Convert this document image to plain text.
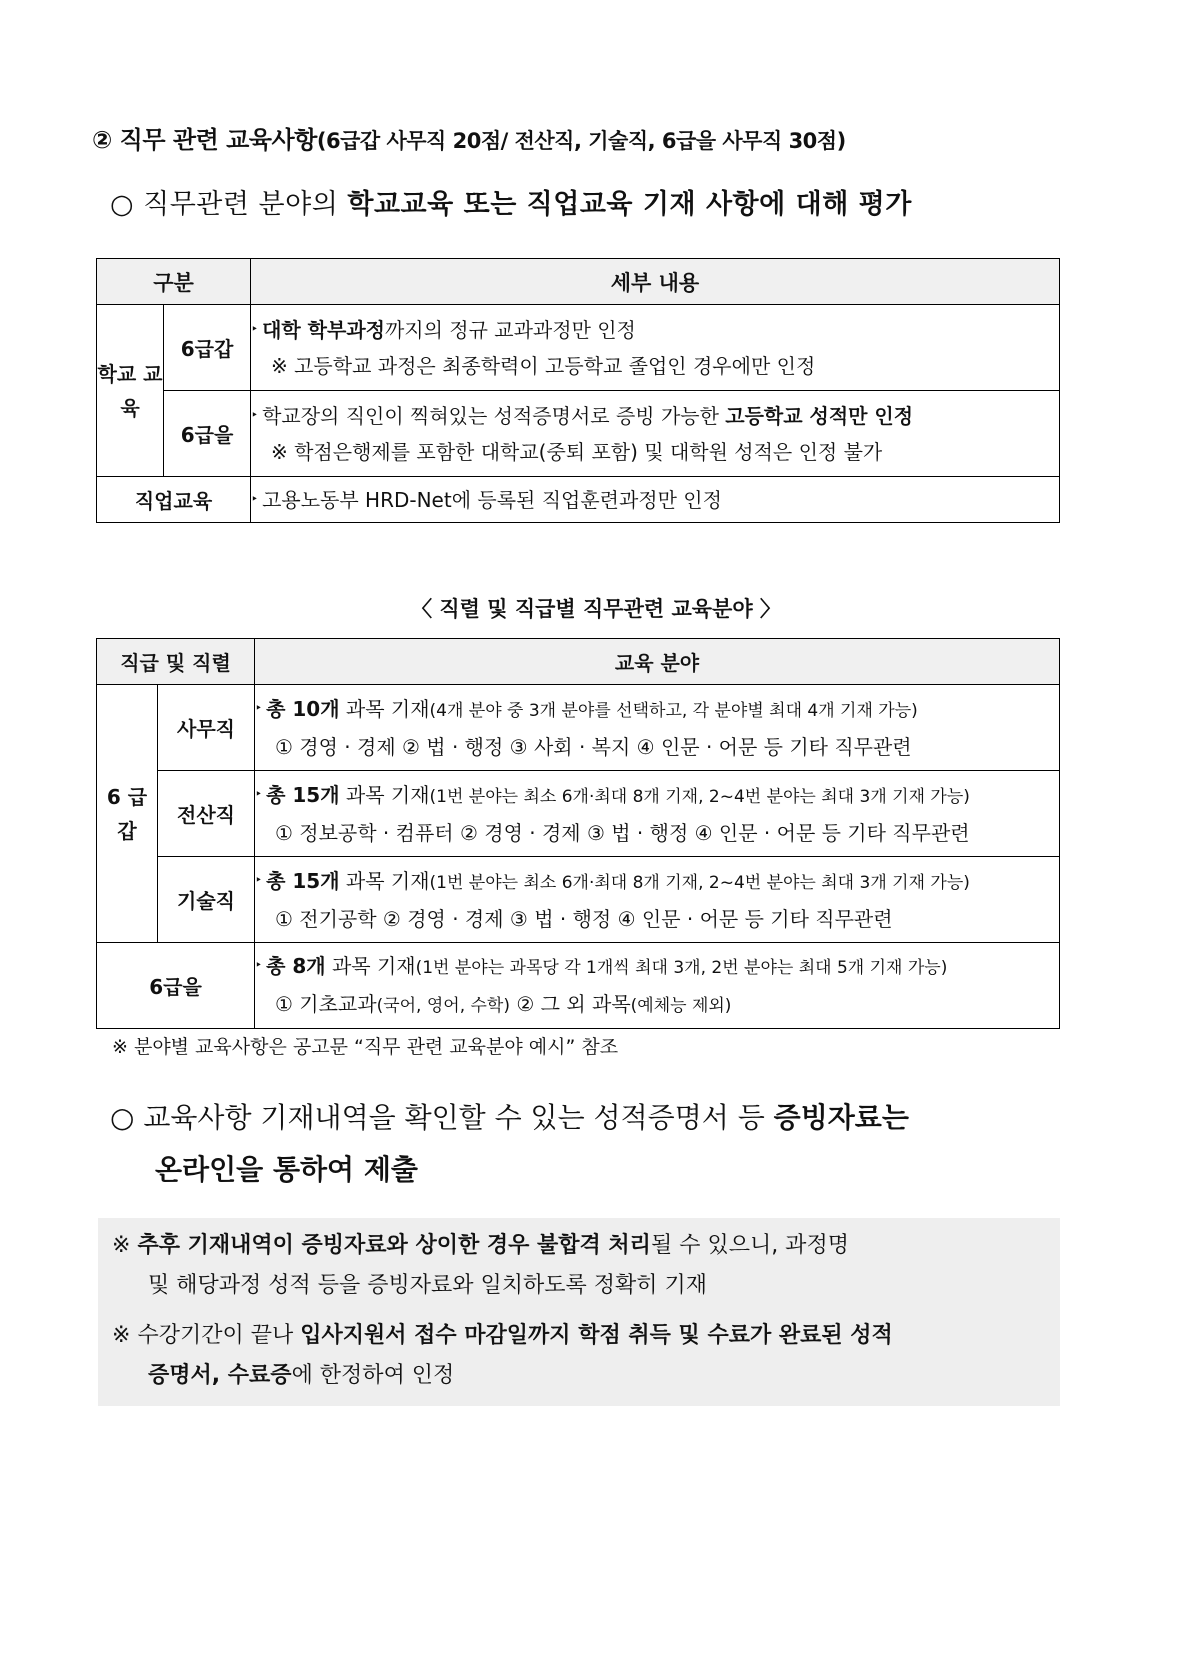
② 직무 관련 교육사항(6급갑 사무직 20점/ 전산직, 기술직, 6급을 사무직 30점)
○ 직무관련 분야의 학교교육 또는 직업교육 기재 사항에 대해 평가
구분		세부 내용
학교 교육	6급갑	‣ 대학 학부과정까지의 정규 교과과정만 인정
※ 고등학교 과정은 최종학력이 고등학교 졸업인 경우에만 인정

	6급을	‣ 학교장의 직인이 찍혀있는 성적증명서로 증빙 가능한 고등학교 성적만 인정
※ 학점은행제를 포함한 대학교(중퇴 포함) 및 대학원 성적은 인정 불가

직업교육		‣ 고용노동부 HRD-Net에 등록된 직업훈련과정만 인정
〈 직렬 및 직급별 직무관련 교육분야 〉
직급 및 직렬		교육 분야
6 급 갑	사무직	‣ 총 10개 과목 기재(4개 분야 중 3개 분야를 선택하고, 각 분야별 최대 4개 기재 가능)
① 경영 · 경제 ② 법 · 행정 ③ 사회 · 복지 ④ 인문 · 어문 등 기타 직무관련

	전산직	‣ 총 15개 과목 기재(1번 분야는 최소 6개·최대 8개 기재, 2~4번 분야는 최대 3개 기재 가능)
① 정보공학 · 컴퓨터 ② 경영 · 경제 ③ 법 · 행정 ④ 인문 · 어문 등 기타 직무관련

	기술직	‣ 총 15개 과목 기재(1번 분야는 최소 6개·최대 8개 기재, 2~4번 분야는 최대 3개 기재 가능)
① 전기공학 ② 경영 · 경제 ③ 법 · 행정 ④ 인문 · 어문 등 기타 직무관련

6급을		‣ 총 8개 과목 기재(1번 분야는 과목당 각 1개씩 최대 3개, 2번 분야는 최대 5개 기재 가능)
① 기초교과(국어, 영어, 수학) ② 그 외 과목(예체능 제외)
※ 분야별 교육사항은 공고문 “직무 관련 교육분야 예시” 참조
○ 교육사항 기재내역을 확인할 수 있는 성적증명서 등 증빙자료는
온라인을 통하여 제출
※ 추후 기재내역이 증빙자료와 상이한 경우 불합격 처리될 수 있으니, 과정명
및 해당과정 성적 등을 증빙자료와 일치하도록 정확히 기재
※ 수강기간이 끝나 입사지원서 접수 마감일까지 학점 취득 및 수료가 완료된 성적
증명서, 수료증에 한정하여 인정
